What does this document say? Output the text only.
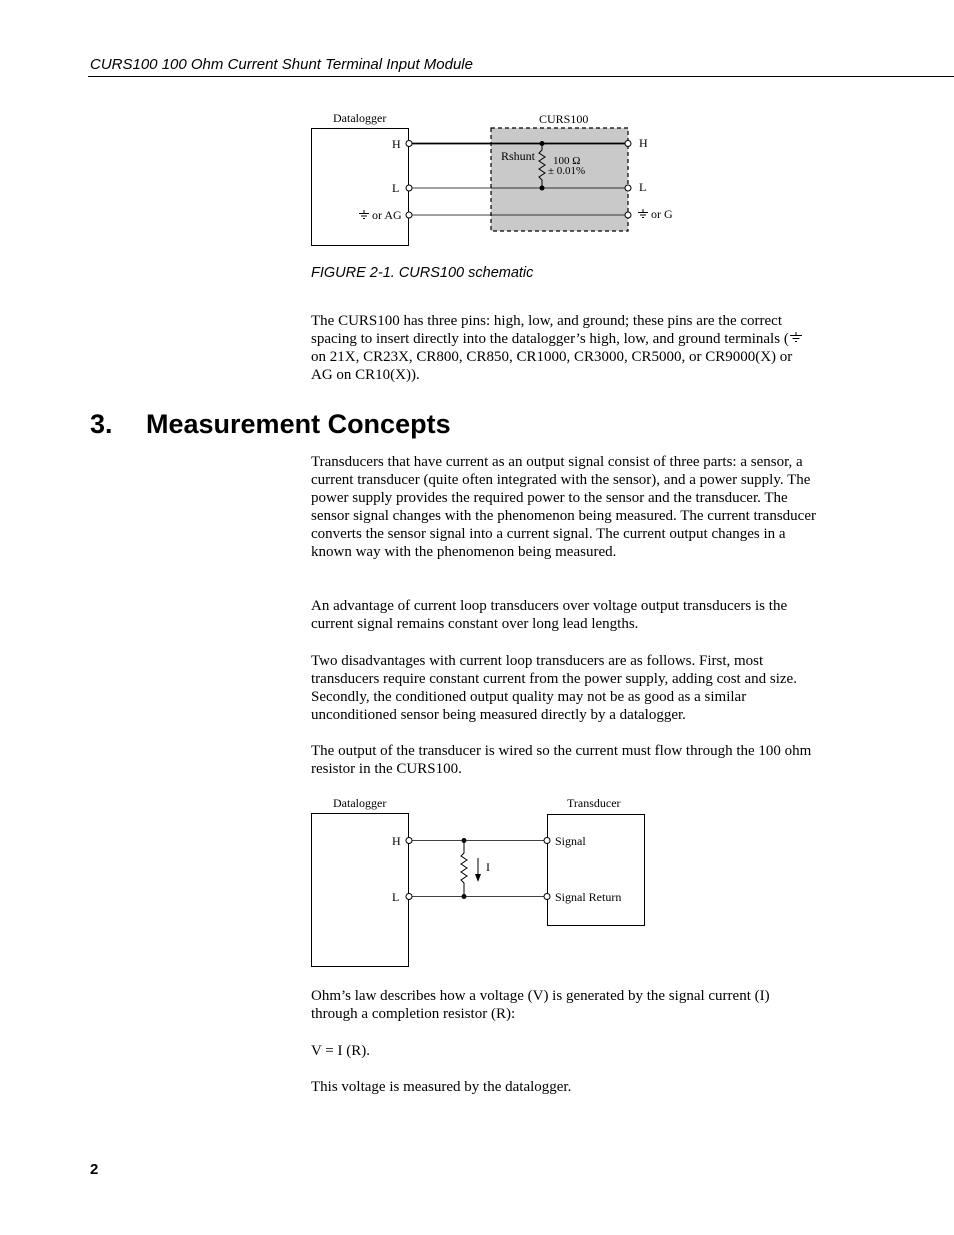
CURS100 100 Ohm Current Shunt Terminal Input Module
Datalogger	CURS100
H
L
H
L
or AG	or G
Rshunt 100 Ω
± 0.01%
FIGURE 2-1. CURS100 schematic

The CURS100 has three pins: high, low, and ground; these pins are the correct spacing to insert directly into the datalogger’s high, low, and ground terminals ( on 21X, CR23X, CR800, CR850, CR1000, CR3000, CR5000, or CR9000(X) or AG on CR10(X)).

3. Measurement Concepts

Transducers that have current as an output signal consist of three parts: a sensor, a current transducer (quite often integrated with the sensor), and a power supply. The power supply provides the required power to the sensor and the transducer. The sensor signal changes with the phenomenon being measured. The current transducer converts the sensor signal into a current signal. The current output changes in a known way with the phenomenon being measured.

An advantage of current loop transducers over voltage output transducers is the current signal remains constant over long lead lengths.

Two disadvantages with current loop transducers are as follows. First, most transducers require constant current from the power supply, adding cost and size. Secondly, the conditioned output quality may not be as good as a similar unconditioned sensor being measured directly by a datalogger.

The output of the transducer is wired so the current must flow through the 100 ohm resistor in the CURS100.

Datalogger	Transducer
I
H
L
Signal
Signal Return

Ohm’s law describes how a voltage (V) is generated by the signal current (I) through a completion resistor (R):

V = I (R).

This voltage is measured by the datalogger.

2
